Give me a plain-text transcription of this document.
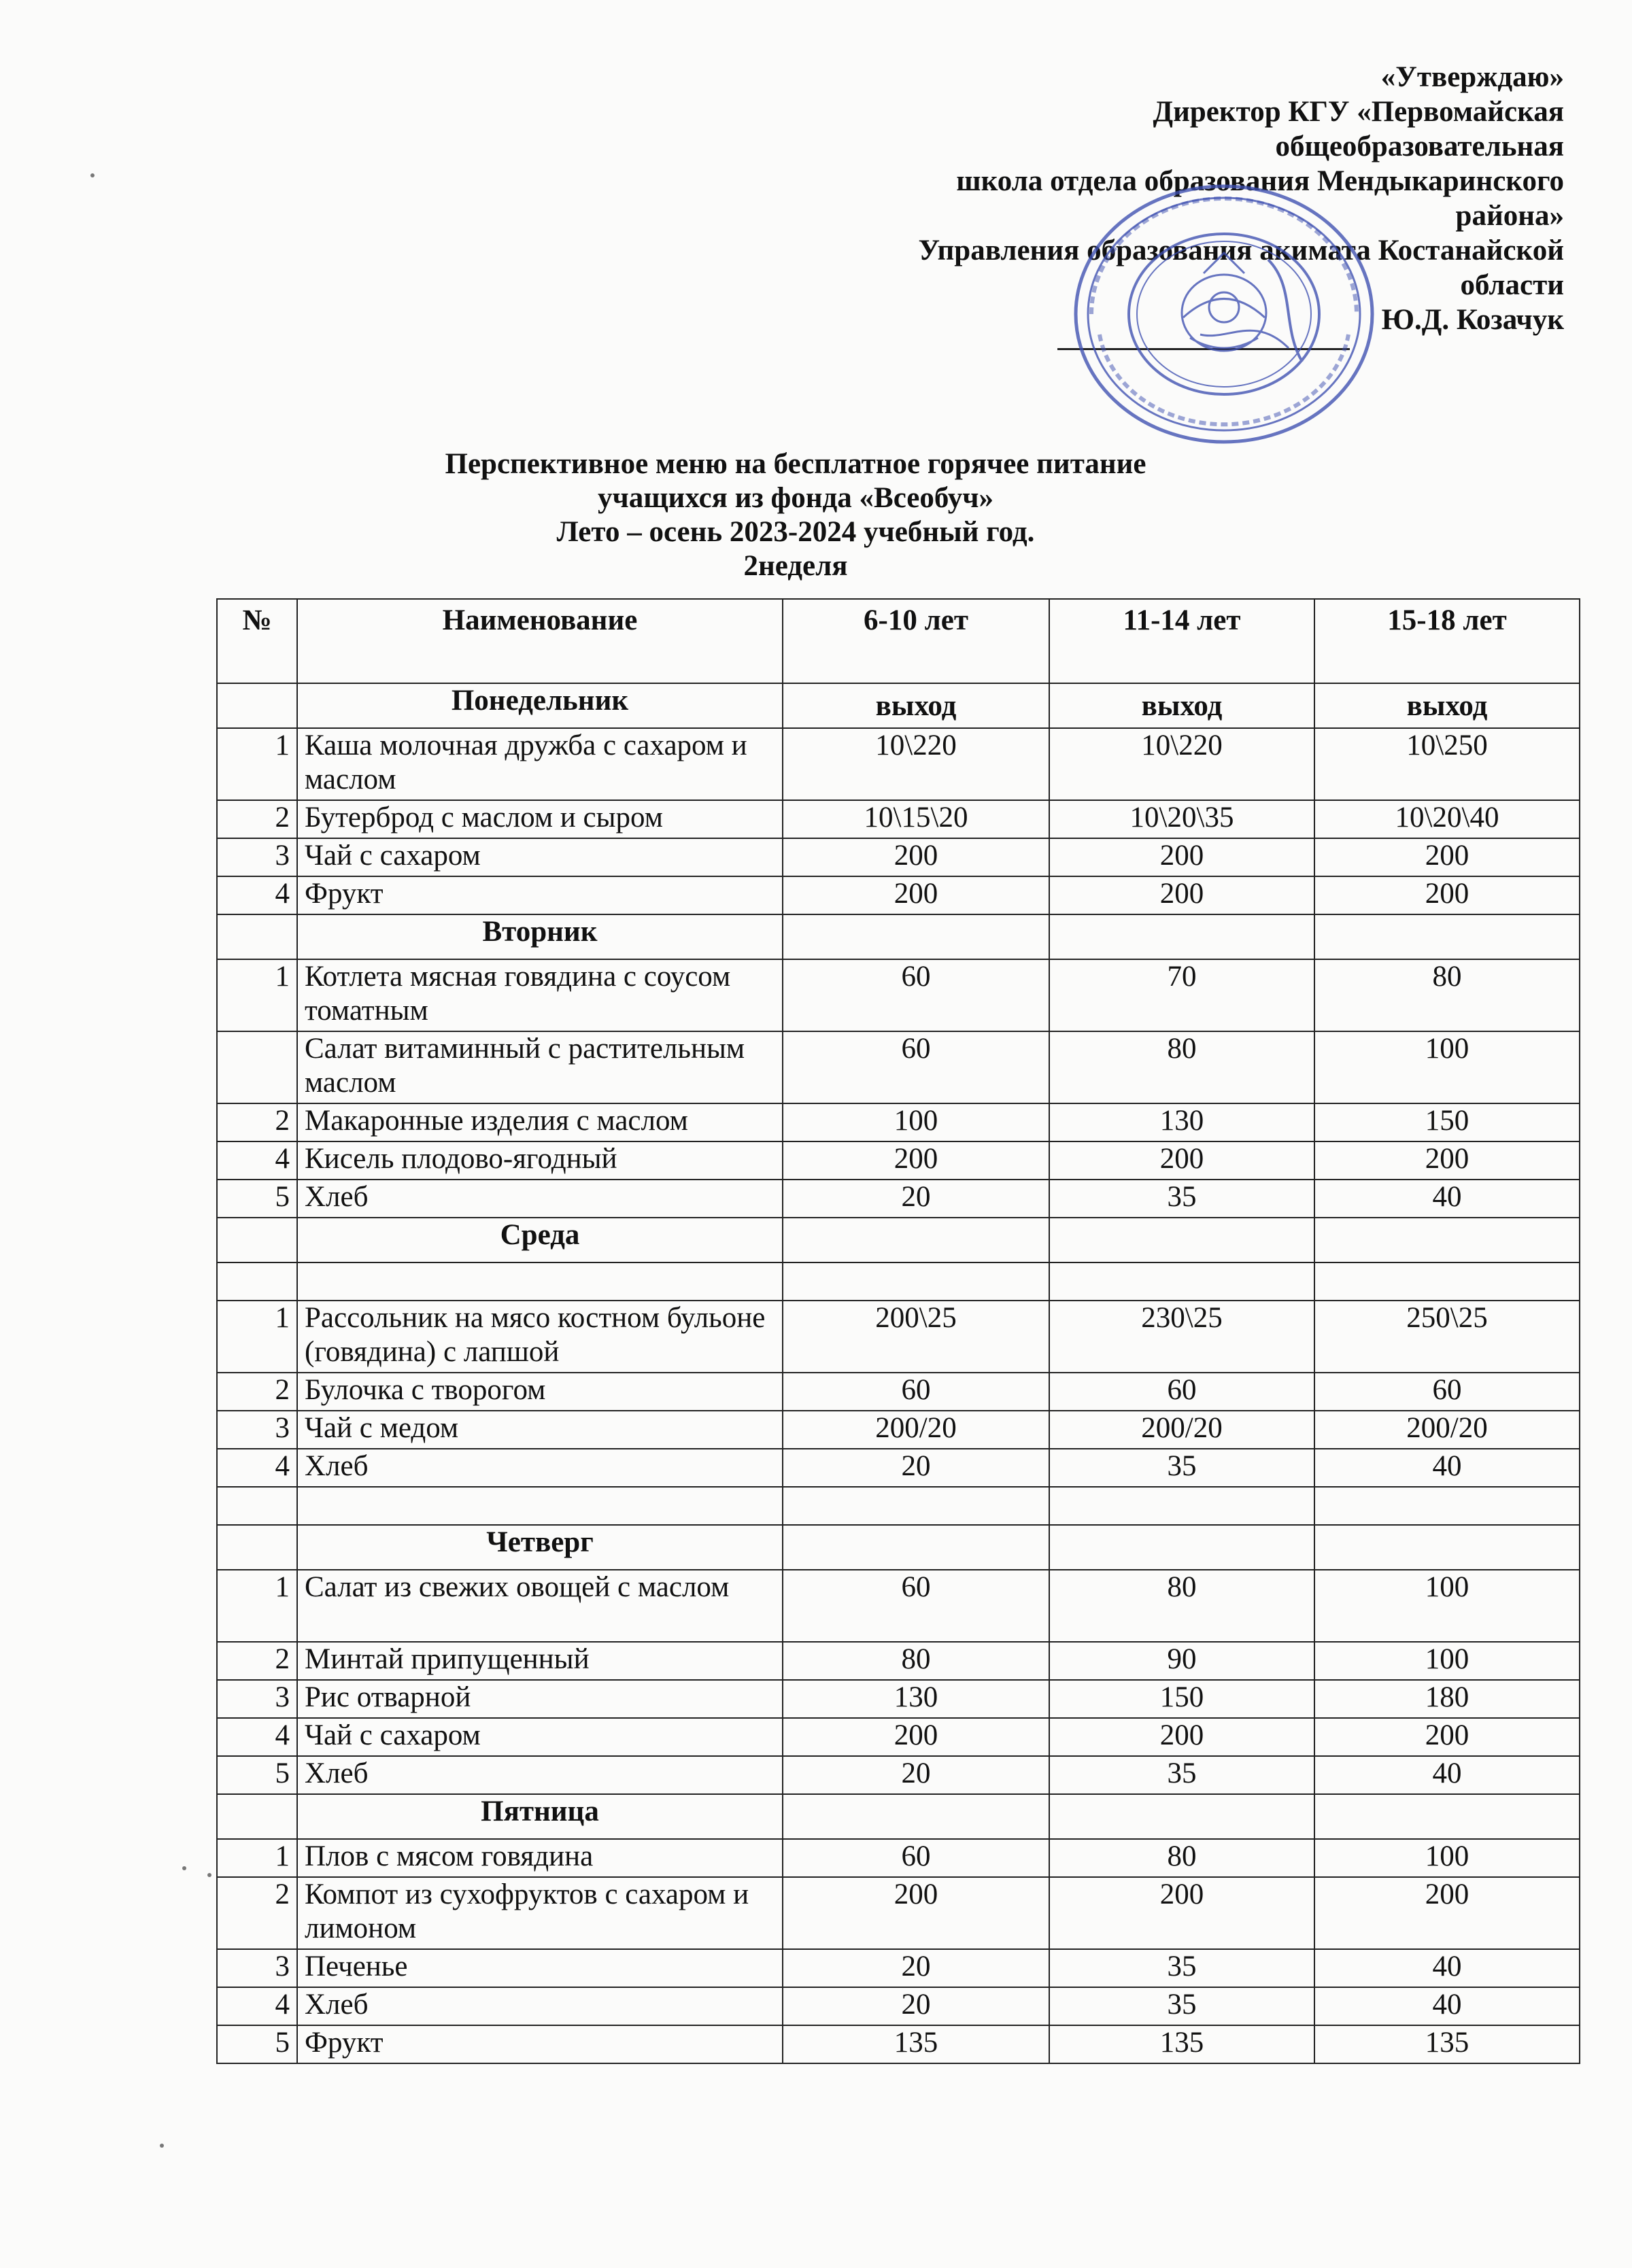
«Утверждаю»
Директор КГУ «Первомайская
общеобразовательная
школа отдела образования Мендыкаринского
района»
Управления образования акимата Костанайской
области
Ю.Д. Козачук
Перспективное меню на бесплатное горячее питание
учащихся из фонда «Всеобуч»
Лето – осень 2023-2024 учебный год.
2неделя
№	Наименование	6-10 лет	11-14 лет	15-18 лет
	Понедельник	выход	выход	выход
1	Каша молочная дружба с сахаром и маслом	10\220	10\220	10\250
2	Бутерброд с маслом и сыром	10\15\20	10\20\35	10\20\40
3	Чай с сахаром	200	200	200
4	Фрукт	200	200	200
	Вторник			
1	Котлета мясная говядина с соусом томатным	60	70	80
	Салат витаминный с растительным маслом	60	80	100
2	Макаронные изделия с маслом	100	130	150
4	Кисель плодово-ягодный	200	200	200
5	Хлеб	20	35	40
	Среда			

1	Рассольник на мясо костном бульоне (говядина) с лапшой	200\25	230\25	250\25
2	Булочка с творогом	60	60	60
3	Чай с медом	200/20	200/20	200/20
4	Хлеб	20	35	40

	Четверг			
1	Салат из свежих овощей с маслом	60	80	100
2	Минтай припущенный	80	90	100
3	Рис отварной	130	150	180
4	Чай с сахаром	200	200	200
5	Хлеб	20	35	40
	Пятница			
1	Плов с мясом говядина	60	80	100
2	Компот из сухофруктов с сахаром и лимоном	200	200	200
3	Печенье	20	35	40
4	Хлеб	20	35	40
5	Фрукт	135	135	135
